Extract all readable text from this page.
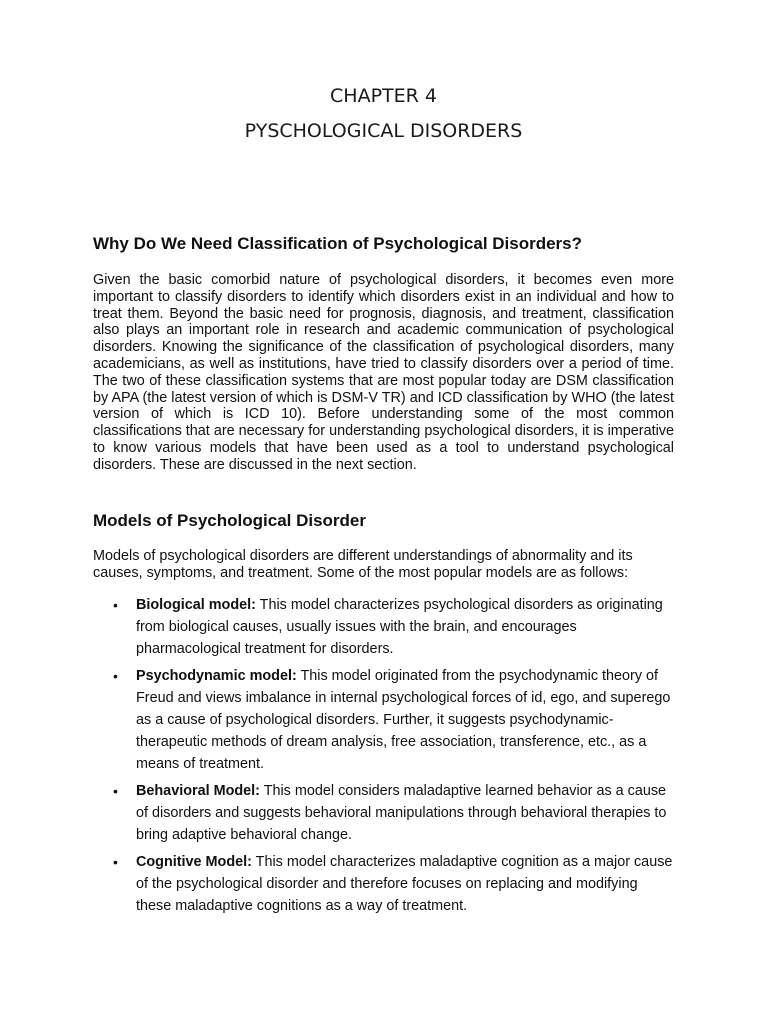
CHAPTER 4

PYSCHOLOGICAL DISORDERS

Why Do We Need Classification of Psychological Disorders?

Given the basic comorbid nature of psychological disorders, it becomes even more important to classify disorders to identify which disorders exist in an individual and how to treat them. Beyond the basic need for prognosis, diagnosis, and treatment, classification also plays an important role in research and academic communication of psychological disorders. Knowing the significance of the classification of psychological disorders, many academicians, as well as institutions, have tried to classify disorders over a period of time. The two of these classification systems that are most popular today are DSM classification by APA (the latest version of which is DSM-V TR) and ICD classification by WHO (the latest version of which is ICD 10). Before understanding some of the most common classifications that are necessary for understanding psychological disorders, it is imperative to know various models that have been used as a tool to understand psychological disorders. These are discussed in the next section.

Models of Psychological Disorder

Models of psychological disorders are different understandings of abnormality and its causes, symptoms, and treatment. Some of the most popular models are as follows:

• Biological model: This model characterizes psychological disorders as originating from biological causes, usually issues with the brain, and encourages pharmacological treatment for disorders.
• Psychodynamic model: This model originated from the psychodynamic theory of Freud and views imbalance in internal psychological forces of id, ego, and superego as a cause of psychological disorders. Further, it suggests psychodynamic-therapeutic methods of dream analysis, free association, transference, etc., as a means of treatment.
• Behavioral Model: This model considers maladaptive learned behavior as a cause of disorders and suggests behavioral manipulations through behavioral therapies to bring adaptive behavioral change.
• Cognitive Model: This model characterizes maladaptive cognition as a major cause of the psychological disorder and therefore focuses on replacing and modifying these maladaptive cognitions as a way of treatment.
